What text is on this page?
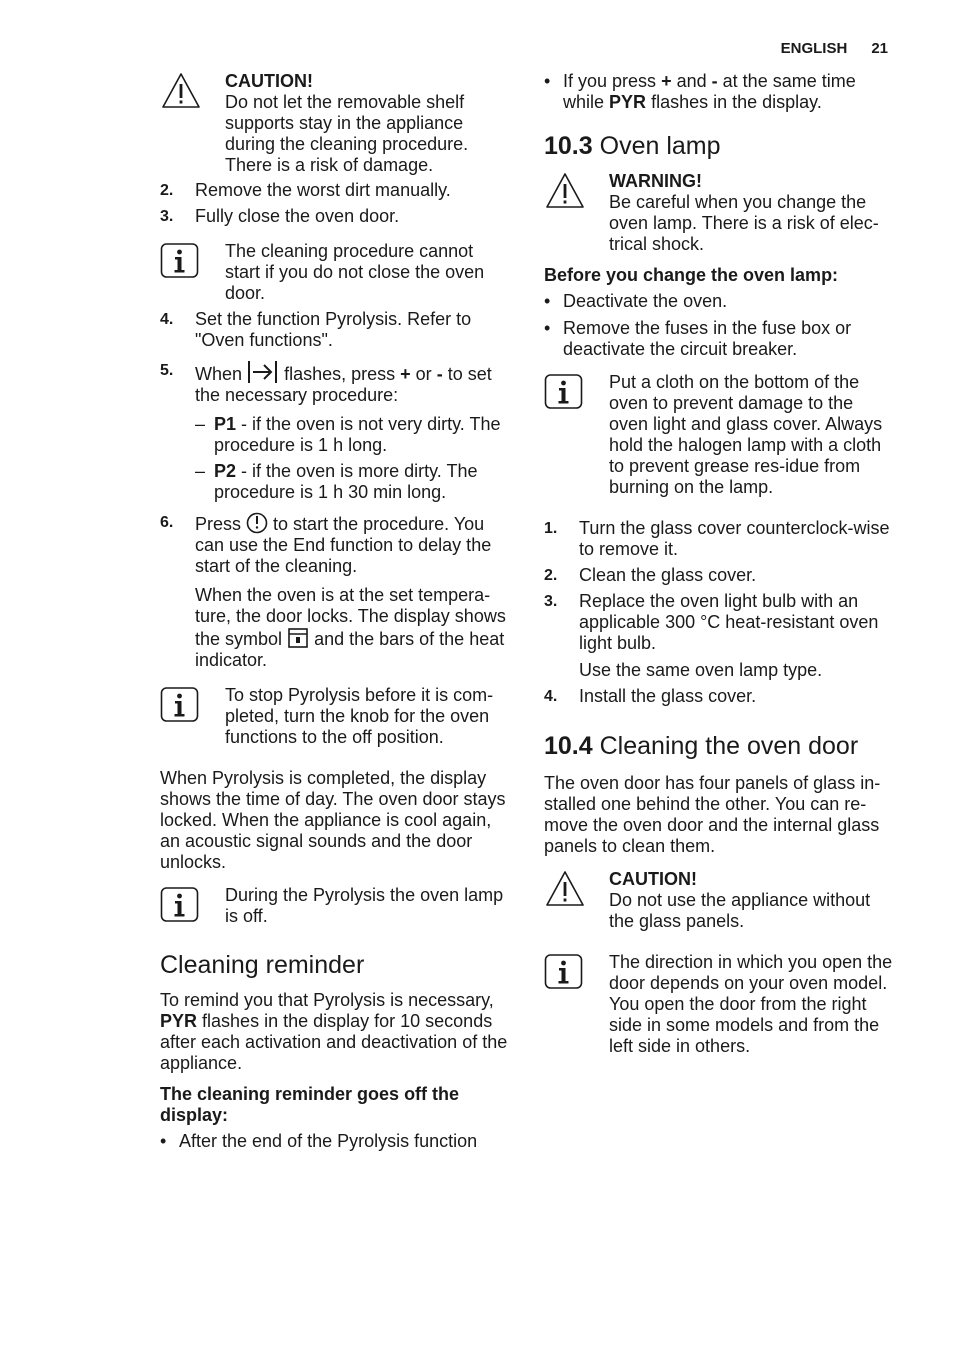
ENGLISH 21

CAUTION!

Do not let the removable shelf supports stay in the appliance during the cleaning procedure. There is a risk of damage.

2.	Remove the worst dirt manually.
3.	Fully close the oven door.

The cleaning procedure cannot start if you do not close the oven door.

4.	Set the function Pyrolysis. Refer to "Oven functions".
5.	When flashes, press + or - to set the necessary procedure:
– P1 - if the oven is not very dirty. The procedure is 1 h long.
– P2 - if the oven is more dirty. The procedure is 1 h 30 min long.
6.	Press to start the procedure. You can use the End function to delay the start of the cleaning.

When the oven is at the set tempera-ture, the door locks. The display shows the symbol and the bars of the heat indicator.

To stop Pyrolysis before it is com-pleted, turn the knob for the oven functions to the off position.

When Pyrolysis is completed, the display shows the time of day. The oven door stays locked. When the appliance is cool again, an acoustic signal sounds and the door unlocks.

During the Pyrolysis the oven lamp is off.

Cleaning reminder

To remind you that Pyrolysis is necessary, PYR flashes in the display for 10 seconds after each activation and deactivation of the appliance.

The cleaning reminder goes off the display:

• After the end of the Pyrolysis function
• If you press + and - at the same time while PYR flashes in the display.
10.3 Oven lamp

WARNING!

Be careful when you change the oven lamp. There is a risk of elec-trical shock.

Before you change the oven lamp:

• Deactivate the oven.
• Remove the fuses in the fuse box or deactivate the circuit breaker.

Put a cloth on the bottom of the oven to prevent damage to the oven light and glass cover. Always hold the halogen lamp with a cloth to prevent grease res-idue from burning on the lamp.

1.	Turn the glass cover counterclock-wise to remove it.
2.	Clean the glass cover.
3.	Replace the oven light bulb with an applicable 300 °C heat-resistant oven light bulb.

Use the same oven lamp type.

4.	Install the glass cover.
10.4 Cleaning the oven door

The oven door has four panels of glass in-stalled one behind the other. You can re-move the oven door and the internal glass panels to clean them.

CAUTION!

Do not use the appliance without the glass panels.

The direction in which you open the door depends on your oven model. You open the door from the right side in some models and from the left side in others.
